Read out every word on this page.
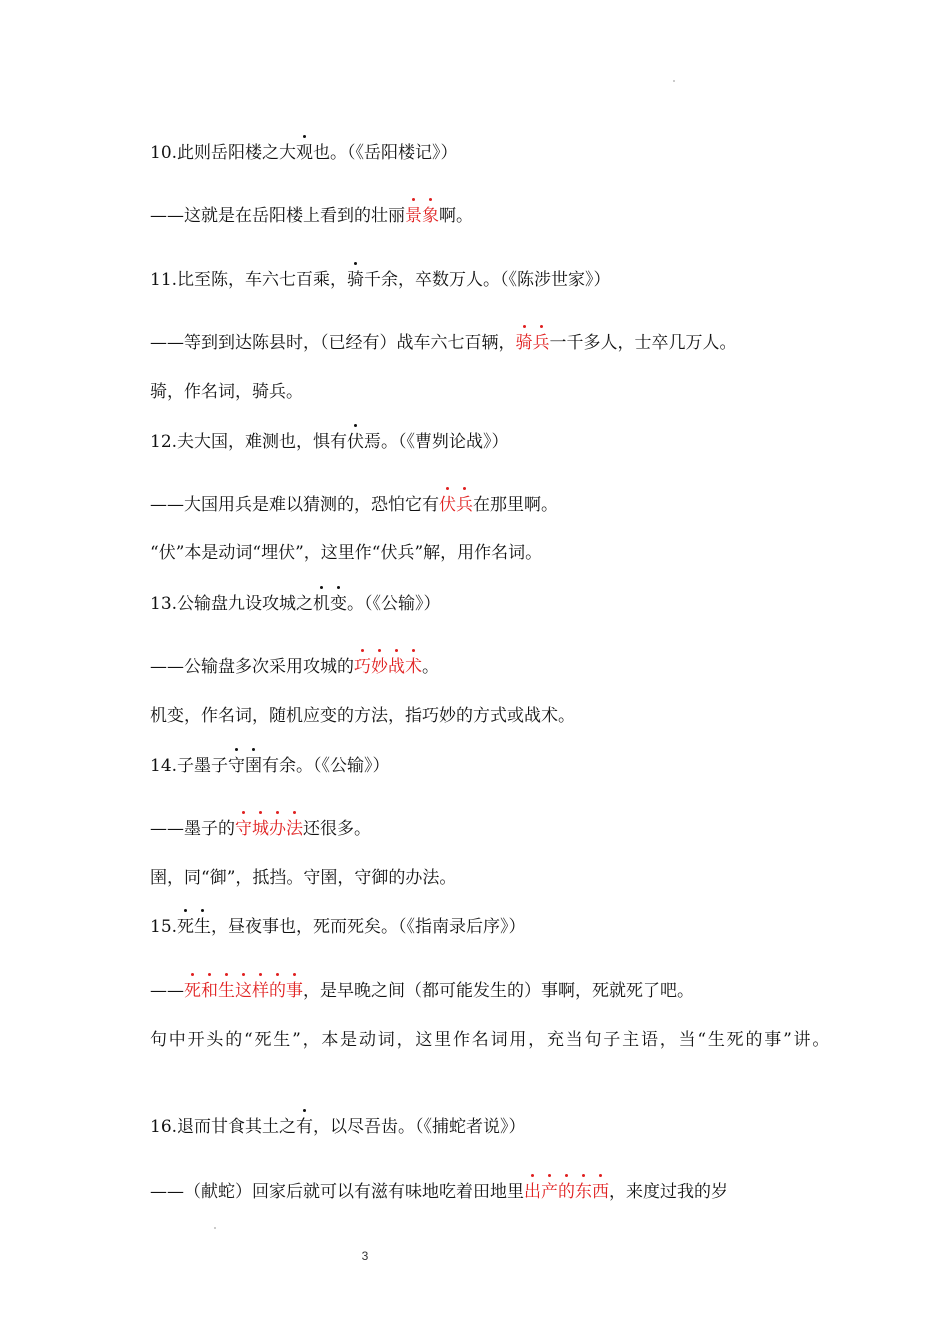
10.此则岳阳楼之大观也。（《岳阳楼记》）
——这就是在岳阳楼上看到的壮丽景象啊。
11.比至陈，车六七百乘，骑千余，卒数万人。（《陈涉世家》）
——等到到达陈县时，（已经有）战车六七百辆，骑兵一千多人，士卒几万人。
骑，作名词，骑兵。
12.夫大国，难测也，惧有伏焉。（《曹刿论战》）
——大国用兵是难以猜测的，恐怕它有伏兵在那里啊。
“伏”本是动词“埋伏”，这里作“伏兵”解，用作名词。
13.公输盘九设攻城之机变。（《公输》）
——公输盘多次采用攻城的巧妙战术。
机变，作名词，随机应变的方法，指巧妙的方式或战术。
14.子墨子守圉有余。（《公输》）
——墨子的守城办法还很多。
圉，同“御”，抵挡。守圉，守御的办法。
15.死生，昼夜事也，死而死矣。（《指南录后序》）
——死和生这样的事，是早晚之间（都可能发生的）事啊，死就死了吧。
句中开头的“死生”，本是动词，这里作名词用，充当句子主语，当“生死的事”讲。
16.退而甘食其土之有，以尽吾齿。（《捕蛇者说》）
——（献蛇）回家后就可以有滋有味地吃着田地里出产的东西，来度过我的岁
3
